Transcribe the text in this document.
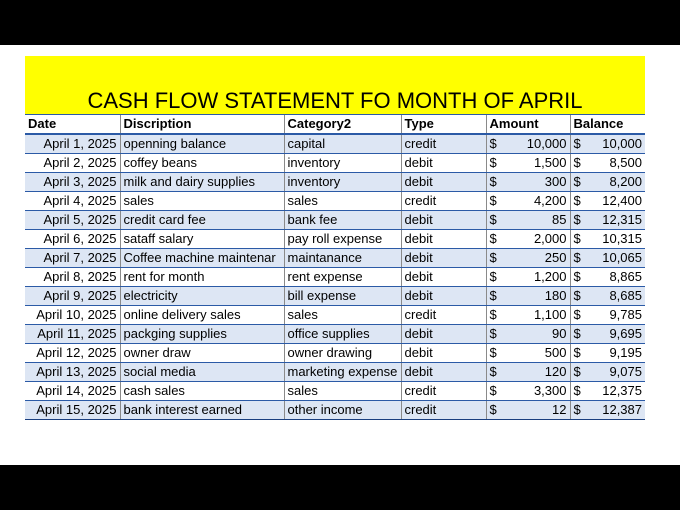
CASH FLOW STATEMENT FO MONTH OF APRIL
Date	Discription	Category2	Type	Amount	Balance
April 1, 2025	openning balance	capital	credit	$ 10,000	$ 10,000

April 2, 2025	coffey beans	inventory	debit	$ 1,500	$ 8,500

April 3, 2025	milk and dairy supplies	inventory	debit	$ 300	$ 8,200

April 4, 2025	sales	sales	credit	$ 4,200	$ 12,400

April 5, 2025	credit card fee	bank fee	debit	$ 85	$ 12,315

April 6, 2025	sataff salary	pay roll expense	debit	$ 2,000	$ 10,315

April 7, 2025	Coffee machine maintenar	maintanance	debit	$ 250	$ 10,065

April 8, 2025	rent for month	rent expense	debit	$ 1,200	$ 8,865

April 9, 2025	electricity	bill expense	debit	$ 180	$ 8,685

April 10, 2025	online delivery sales	sales	credit	$ 1,100	$ 9,785

April 11, 2025	packging supplies	office supplies	debit	$ 90	$ 9,695

April 12, 2025	owner draw	owner drawing	debit	$ 500	$ 9,195

April 13, 2025	social media	marketing expense	debit	$ 120	$ 9,075

April 14, 2025	cash sales	sales	credit	$ 3,300	$ 12,375

April 15, 2025	bank interest earned	other income	credit	$ 12	$ 12,387
